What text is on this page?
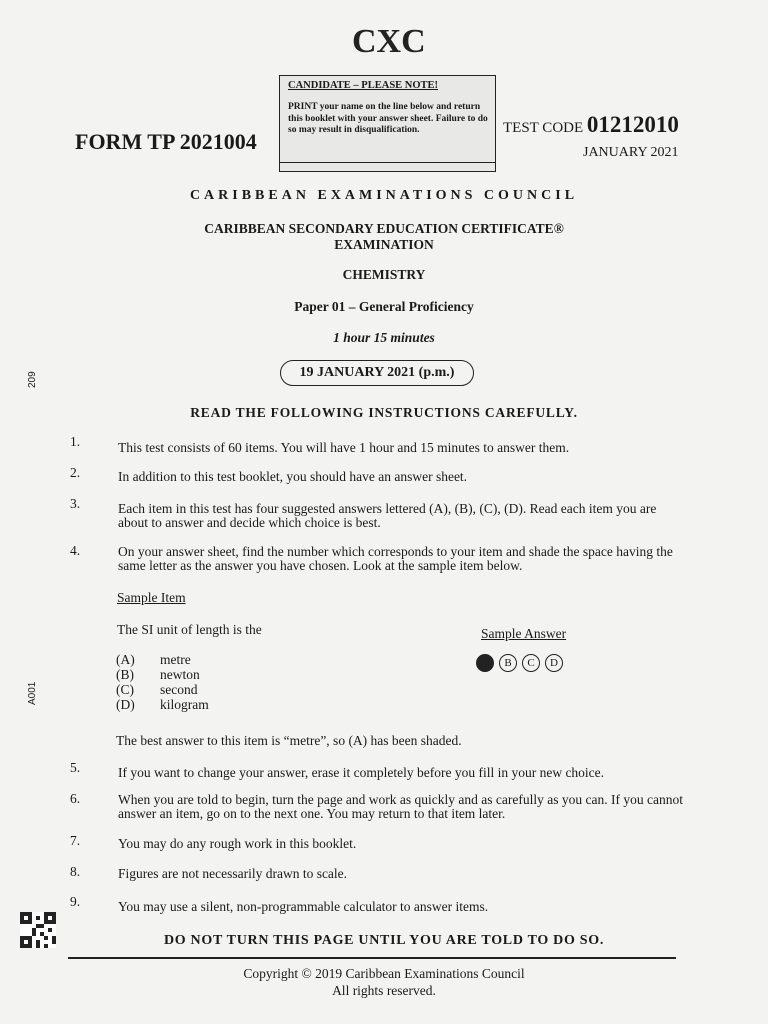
CXC
CANDIDATE – PLEASE NOTE!
PRINT your name on the line below and return this booklet with your answer sheet. Failure to do so may result in disqualification.
FORM TP 2021004
TEST CODE 01212010
JANUARY 2021
CARIBBEAN EXAMINATIONS COUNCIL
CARIBBEAN SECONDARY EDUCATION CERTIFICATE®
EXAMINATION
CHEMISTRY
Paper 01 – General Proficiency
1 hour 15 minutes
19 JANUARY 2021 (p.m.)
READ THE FOLLOWING INSTRUCTIONS CAREFULLY.
1.	This test consists of 60 items. You will have 1 hour and 15 minutes to answer them.
2.	In addition to this test booklet, you should have an answer sheet.
3.	Each item in this test has four suggested answers lettered (A), (B), (C), (D). Read each item you are about to answer and decide which choice is best.
4.	On your answer sheet, find the number which corresponds to your item and shade the space having the same letter as the answer you have chosen. Look at the sample item below.
Sample Item
The SI unit of length is the	Sample Answer
(A) metre
(B) newton
(C) second
(D) kilogram
A B C D
The best answer to this item is “metre”, so (A) has been shaded.
5.	If you want to change your answer, erase it completely before you fill in your new choice.
6.	When you are told to begin, turn the page and work as quickly and as carefully as you can. If you cannot answer an item, go on to the next one. You may return to that item later.
7.	You may do any rough work in this booklet.
8.	Figures are not necessarily drawn to scale.
9.	You may use a silent, non-programmable calculator to answer items.
DO NOT TURN THIS PAGE UNTIL YOU ARE TOLD TO DO SO.
Copyright © 2019 Caribbean Examinations Council
All rights reserved.
209
A001
